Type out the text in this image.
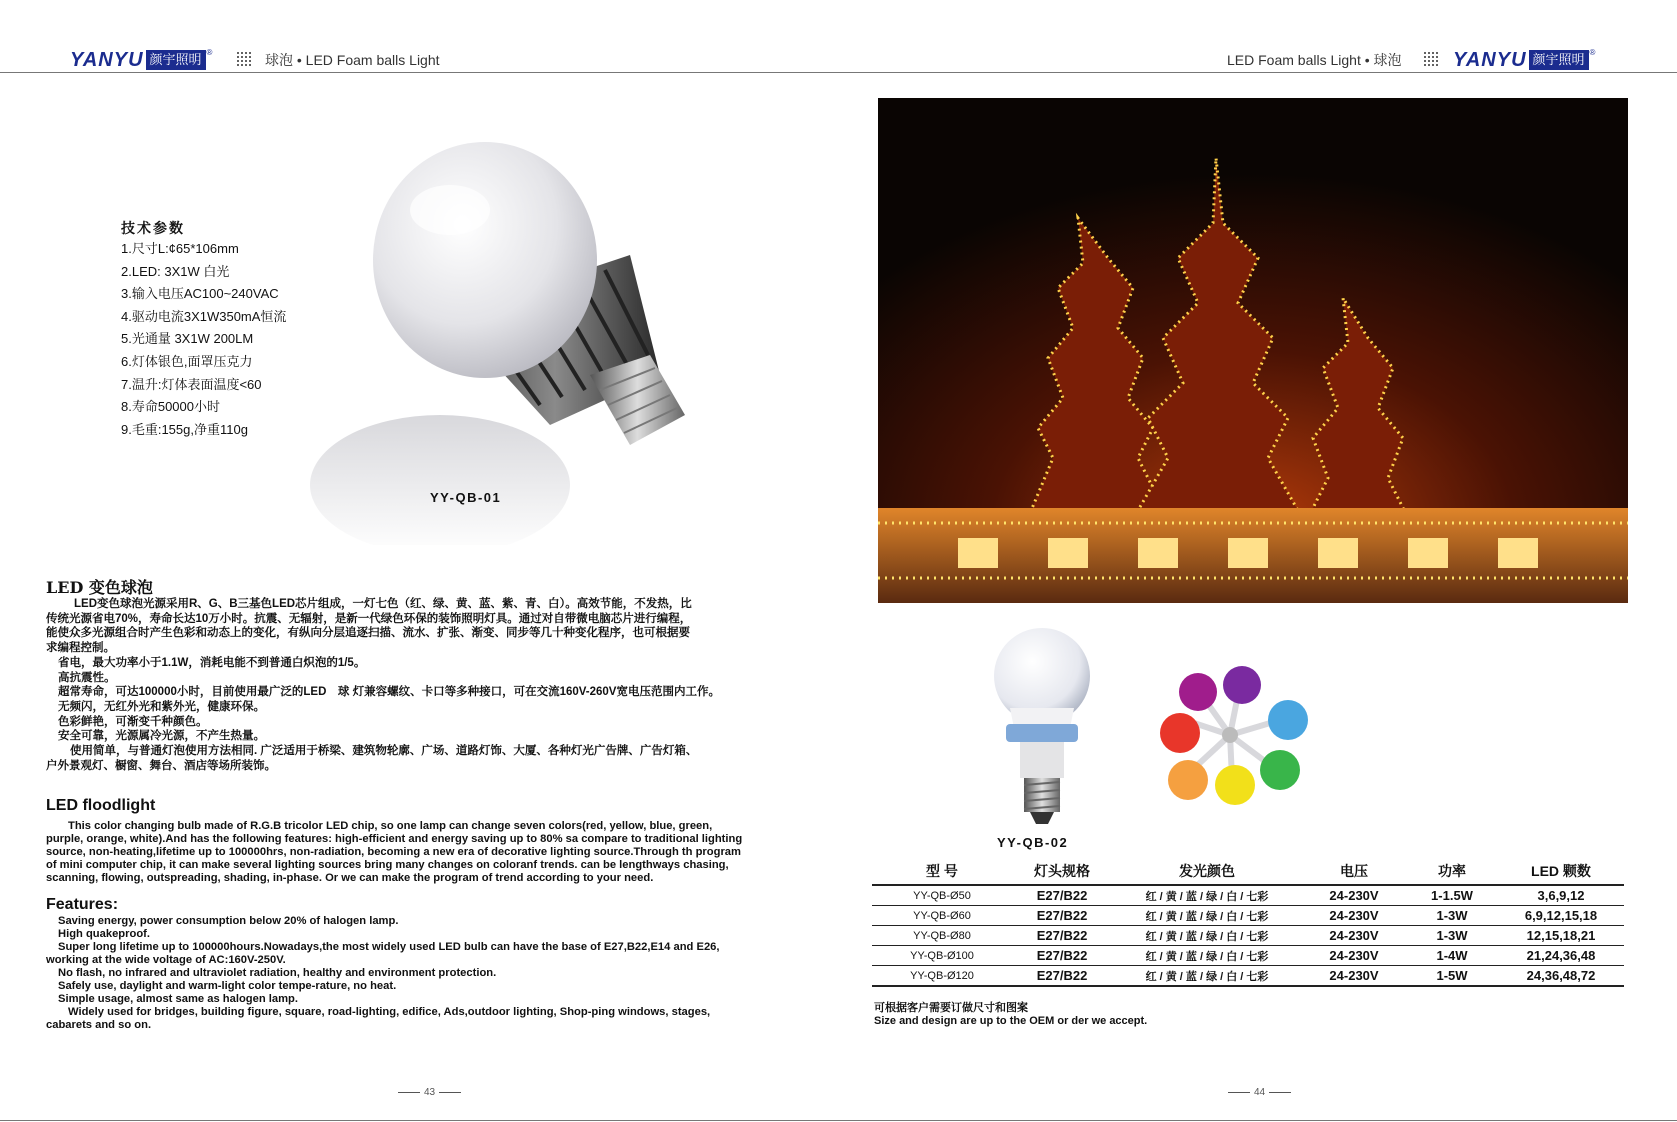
YANYU 颜宇照明 ®	球泡 • LED Foam balls Light	LED Foam balls Light • 球泡	YANYU 颜宇照明 ®
技术参数
1.尺寸L:¢65*106mm
2.LED: 3X1W 白光
3.输入电压AC100~240VAC
4.驱动电流3X1W350mA恒流
5.光通量 3X1W 200LM
6.灯体银色,面罩压克力
7.温升:灯体表面温度<60
8.寿命50000小时
9.毛重:155g,净重110g
YY-QB-01
LED 变色球泡
LED变色球泡光源采用R、G、B三基色LED芯片组成，一灯七色（红、绿、黄、蓝、紫、青、白）。高效节能，不发热，比
传统光源省电70%，寿命长达10万小时。抗震、无辐射，是新一代绿色环保的装饰照明灯具。通过对自带微电脑芯片进行编程，
能使众多光源组合时产生色彩和动态上的变化，有纵向分层追逐扫描、流水、扩张、渐变、同步等几十种变化程序，也可根据要
求编程控制。
省电，最大功率小于1.1W，消耗电能不到普通白炽泡的1/5。
高抗震性。
超常寿命，可达100000小时，目前使用最广泛的LED　球 灯兼容螺纹、卡口等多种接口，可在交流160V-260V宽电压范围内工作。
无频闪，无红外光和紫外光，健康环保。
色彩鲜艳，可渐变千种颜色。
安全可靠，光源属冷光源，不产生热量。
使用简单，与普通灯泡使用方法相同. 广泛适用于桥梁、建筑物轮廓、广场、道路灯饰、大厦、各种灯光广告牌、广告灯箱、
户外景观灯、橱窗、舞台、酒店等场所装饰。
LED floodlight
This color changing bulb made of R.G.B tricolor LED chip, so one lamp can change seven colors(red, yellow, blue, green,
purple, orange, white).And has the following features: high-efficient and energy saving up to 80% sa compare to traditional lighting
source, non-heating,lifetime up to 100000hrs, non-radiation, becoming a new era of decorative lighting source.Through th program
of mini computer chip, it can make several lighting sources bring many changes on coloranf trends. can be lengthways chasing,
scanning, flowing, outspreading, shading, in-phase. Or we can make the program of trend according to your need.
Features:
Saving energy, power consumption below 20% of halogen lamp.
High quakeproof.
Super long lifetime up to 100000hours.Nowadays,the most widely used LED bulb can have the base of E27,B22,E14 and E26,
working at the wide voltage of AC:160V-250V.
No flash, no infrared and ultraviolet radiation, healthy and environment protection.
Safely use, daylight and warm-light color tempe-rature, no heat.
Simple usage, almost same as halogen lamp.
Widely used for bridges, building figure, square, road-lighting, edifice, Ads,outdoor lighting, Shop-ping windows, stages,
cabarets and so on.
43
YY-QB-02
型 号	灯头规格	发光颜色	电压	功率	LED 颗数
YY-QB-Ø50	E27/B22	红 / 黄 / 蓝 / 绿 / 白 / 七彩	24-230V	1-1.5W	3,6,9,12
YY-QB-Ø60	E27/B22	红 / 黄 / 蓝 / 绿 / 白 / 七彩	24-230V	1-3W	6,9,12,15,18
YY-QB-Ø80	E27/B22	红 / 黄 / 蓝 / 绿 / 白 / 七彩	24-230V	1-3W	12,15,18,21
YY-QB-Ø100	E27/B22	红 / 黄 / 蓝 / 绿 / 白 / 七彩	24-230V	1-4W	21,24,36,48
YY-QB-Ø120	E27/B22	红 / 黄 / 蓝 / 绿 / 白 / 七彩	24-230V	1-5W	24,36,48,72
可根据客户需要订做尺寸和图案
Size and design are up to the OEM or der we accept.
44
